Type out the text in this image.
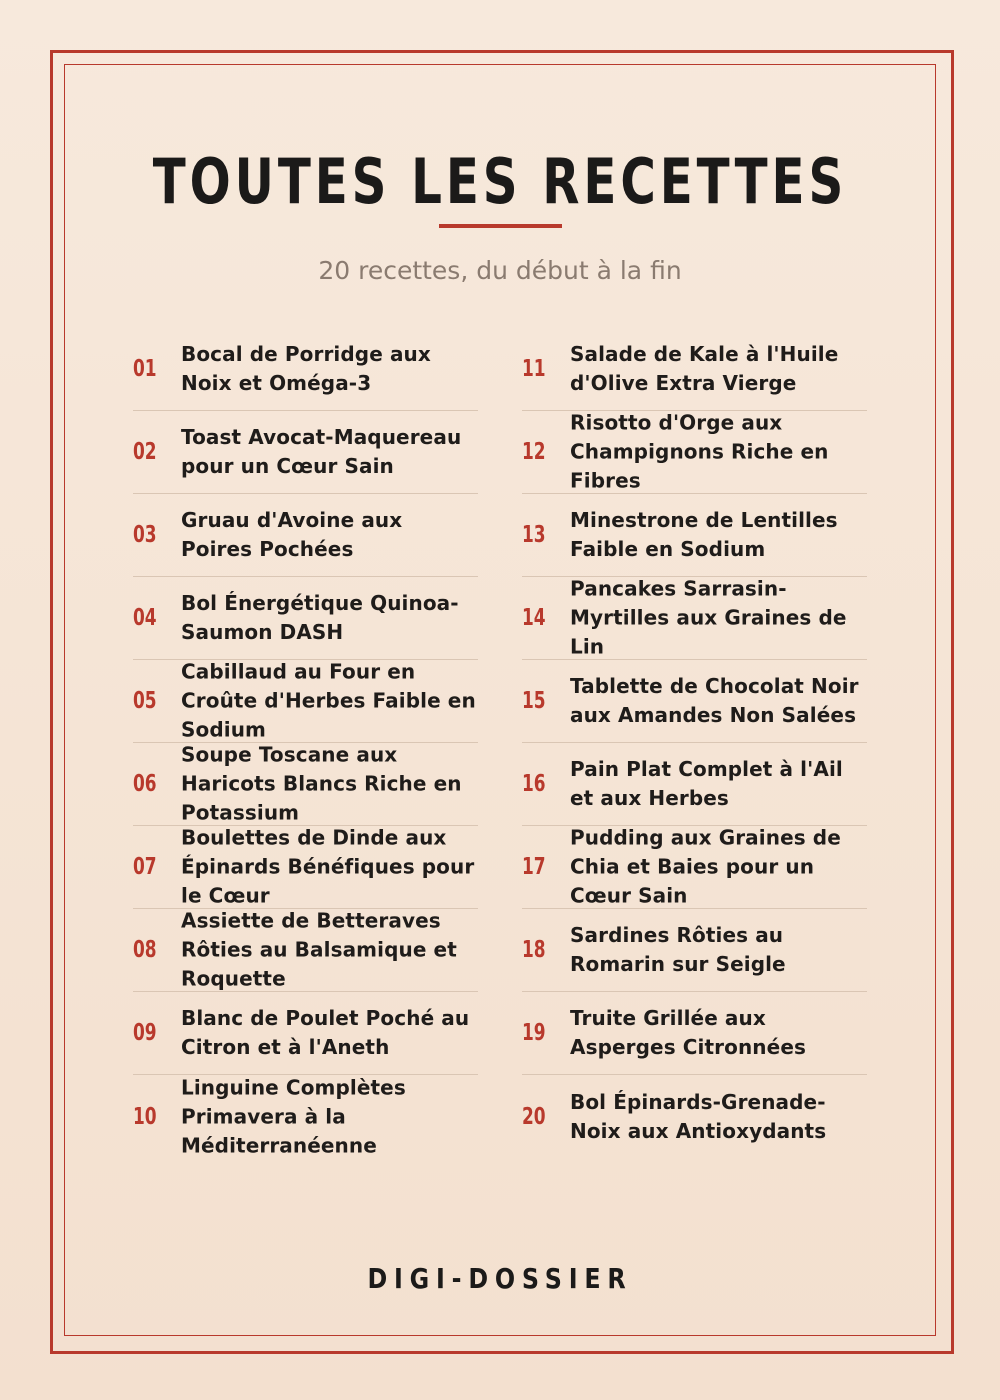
TOUTES LES RECETTES
20 recettes, du début à la fin
01
Bocal de Porridge aux Noix et Oméga-3
02
Toast Avocat-Maquereau pour un Cœur Sain
03
Gruau d'Avoine aux Poires Pochées
04
Bol Énergétique Quinoa-Saumon DASH
05
Cabillaud au Four en Croûte d'Herbes Faible en Sodium
06
Soupe Toscane aux Haricots Blancs Riche en Potassium
07
Boulettes de Dinde aux Épinards Bénéfiques pour le Cœur
08
Assiette de Betteraves Rôties au Balsamique et Roquette
09
Blanc de Poulet Poché au Citron et à l'Aneth
10
Linguine Complètes Primavera à la Méditerranéenne
11
Salade de Kale à l'Huile d'Olive Extra Vierge
12
Risotto d'Orge aux Champignons Riche en Fibres
13
Minestrone de Lentilles Faible en Sodium
14
Pancakes Sarrasin-Myrtilles aux Graines de Lin
15
Tablette de Chocolat Noir aux Amandes Non Salées
16
Pain Plat Complet à l'Ail et aux Herbes
17
Pudding aux Graines de Chia et Baies pour un Cœur Sain
18
Sardines Rôties au Romarin sur Seigle
19
Truite Grillée aux Asperges Citronnées
20
Bol Épinards-Grenade-Noix aux Antioxydants
DIGI-DOSSIER
